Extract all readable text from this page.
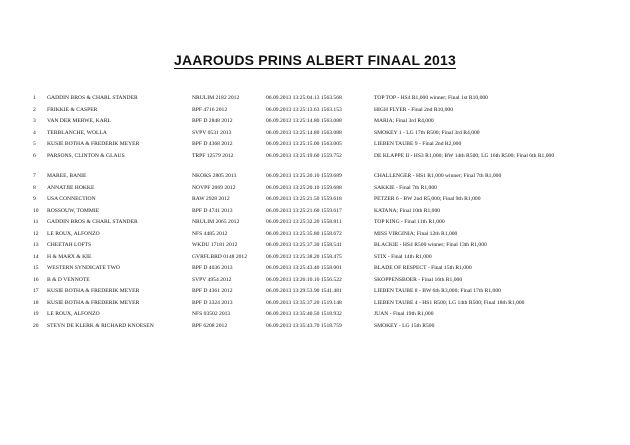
JAAROUDS PRINS ALBERT FINAAL 2013
1	GADDIN BROS & CHARL STANDER	NRULIM 2182 2012	06.09.2013 13:25:04.13 1563.568	TOP TOP - HS4 R1,000 winner; Final 1st R10,000
2	FRIKKIE & CASPER	BPF 4716 2012	06.09.2013 13:25:13.63 1563.153	HIGH FLYER - Final 2nd R10,000
3	VAN DER MERWE, KARL	BPF D 2848 2012	06.09.2013 13:25:14.80 1563.088	MARIA; Final 3rd R4,000
4	TERBLANCHE, WOLLA	SVPV 0531 2013	06.09.2013 13:25:14.80 1563.088	SMOKEY 1 - LG 17th R500; Final 3rd R4,000
5	KUSIE BOTHA & FREDERIK MEYER	BPF D 4368 2012	06.09.2013 13:25:15.00 1563.005	LIEBEN TAUBE 9 - Final 2nd R2,000
6	PARSONS, CLINTON & GLAUS	TRPF 12579 2012	06.09.2013 13:25:19.60 1559.752	DE KLAPPE II - HS3 R1,000; BW 14th R500; LG 16th R500; Final 6th R1,000
7	MAREE, BANIE	NKOKS 2805 2013	06.09.2013 13:25:20.10 1559.689	CHALLENGER - HS1 R1,000 winner; Final 7th R1,000
8	ANNATJIE HOKKE	NOVPF 2069 2012	06.09.2013 13:25:20.10 1559.688	SAKKIE - Final 7th R1,000
9	USA CONNECTION	RAW 2928 2012	06.09.2013 13:25:21.50 1559.618	PETZER 6 - BW 2nd R5,000; Final 9th R1,000
10	ROSSOUW, TOMMIE	BPF D 4741 2013	06.09.2013 13:25:21.60 1559.617	KATANA; Final 10th R1,000
11	GADDIN BROS & CHARL STANDER	NRULIM 2065 2012	06.09.2013 13:25:32.20 1558.811	TOP KING - Final 11th R1,000
12	LE ROUX, ALFONZO	NFS 4485 2012	06.09.2013 13:25:35.80 1558.672	MISS VIRGINIA; Final 12th R1,000
13	CHEETAH LOFTS	WKDU 17181 2012	06.09.2013 13:25:37.30 1558.541	BLACKIE - HS4 R500 winner; Final 13th R1,000
14	H & MARX & KIE	GVRFLBRD 0148 2012	06.09.2013 13:25:38.20 1558.475	STIX - Final 14th R1,000
15	WESTERN SYNDICATE TWO	BPF D 4036 2013	06.09.2013 13:25:43.40 1558.001	BLADE OF RESPECT - Final 15th R1,000
16	B & D VENNOTE	SVPV 4954 2012	06.09.2013 13:26:10.10 1556.522	SKOPPENSBOER - Final 16th R1,000
17	KUSIE BOTHA & FREDERIK MEYER	BPF D 4361 2012	06.09.2013 13:29:53.90 1541.481	LIEBEN TAUBE 8 - BW 6th R3,000; Final 17th R1,000
18	KUSIE BOTHA & FREDERIK MEYER	BPF D 3324 2013	06.09.2013 13:35:37.20 1519.148	LIEBEN TAUBE 4 - HS1 R500; LG 14th R500; Final 18th R1,000
19	LE ROUX, ALFONZO	NFS 03502 2013	06.09.2013 13:35:40.50 1518.932	JUAN - Final 19th R1,000
20	STEYN DE KLERK & RICHARD KNOESEN	BPF 6208 2012	06.09.2013 13:35:43.70 1518.759	SMOKEY - LG 15th R500
